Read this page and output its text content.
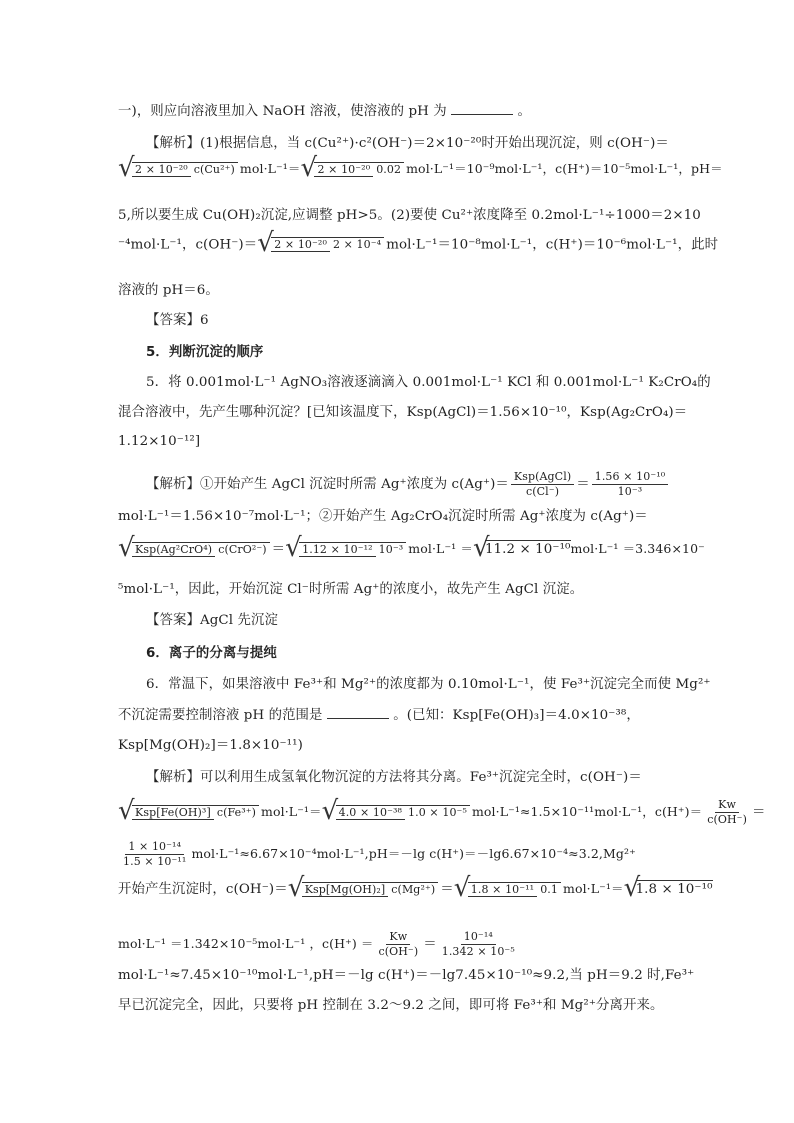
一)，则应向溶液里加入 NaOH 溶液，使溶液的 pH 为	。
【解析】(1)根据信息，当 c(Cu²⁺)·c²(OH⁻)＝2×10⁻²⁰时开始出现沉淀，则 c(OH⁻)＝
√ 2 × 10⁻²⁰ c(Cu²⁺) mol·L⁻¹＝ √ 2 × 10⁻²⁰ 0.02 mol·L⁻¹＝10⁻⁹mol·L⁻¹，c(H⁺)＝10⁻⁵mol·L⁻¹，pH＝
5,所以要生成 Cu(OH)₂沉淀,应调整 pH>5。(2)要使 Cu²⁺浓度降至 0.2mol·L⁻¹÷1000＝2×10
⁻⁴mol·L⁻¹，c(OH⁻)＝ √ 2 × 10⁻²⁰ 2 × 10⁻⁴ mol·L⁻¹＝10⁻⁸mol·L⁻¹，c(H⁺)＝10⁻⁶mol·L⁻¹，此时
溶液的 pH＝6。
【答案】6
5．判断沉淀的顺序
5．将 0.001mol·L⁻¹ AgNO₃溶液逐滴滴入 0.001mol·L⁻¹ KCl 和 0.001mol·L⁻¹ K₂CrO₄的
混合溶液中，先产生哪种沉淀？[已知该温度下，Ksp(AgCl)＝1.56×10⁻¹⁰，Ksp(Ag₂CrO₄)＝
1.12×10⁻¹²]
【解析】①开始产生 AgCl 沉淀时所需 Ag⁺浓度为 $c(Ag^+)= \frac{\text{Ksp(AgCl)}}{c(Cl^-)} = \frac{\text{1.56 × 10⁻¹⁰}}{\text{10⁻³}}$
mol·L⁻¹＝1.56×10⁻⁷mol·L⁻¹；②开始产生 Ag₂CrO₄沉淀时所需 Ag⁺浓度为 c(Ag⁺)＝
√ Ksp(Ag²CrO⁴) c(CrO²⁻) ＝ √ 1.12 × 10⁻¹² 10⁻³ mol·L⁻¹ ＝ √ 11.2 × 10⁻¹⁰mol·L⁻¹ ＝3.346×10⁻
⁵mol·L⁻¹，因此，开始沉淀 Cl⁻时所需 Ag⁺的浓度小，故先产生 AgCl 沉淀。
【答案】AgCl 先沉淀
6．离子的分离与提纯
6．常温下，如果溶液中 Fe³⁺和 Mg²⁺的浓度都为 0.10mol·L⁻¹，使 Fe³⁺沉淀完全而使 Mg²⁺
不沉淀需要控制溶液 pH 的范围是	。(已知：Ksp[Fe(OH)₃]＝4.0×10⁻³⁸，
Ksp[Mg(OH)₂]＝1.8×10⁻¹¹)
【解析】可以利用生成氢氧化物沉淀的方法将其分离。Fe³⁺沉淀完全时，c(OH⁻)＝
√ Ksp[Fe(OH)³] c(Fe³⁺) mol·L⁻¹＝ √ 4.0 × 10⁻³⁸ 1.0 × 10⁻⁵ mol·L⁻¹≈1.5×10⁻¹¹mol·L⁻¹，$c(H^+)= \frac{Kw}{c(OH^-)}$ ＝
$\frac{\text{1 × 10⁻¹⁴}}{\text{1.5 × 10⁻¹¹}} mol\cdot L^{-1}\approx 6.67\times 10^{-4}mol\cdot L^{-1},pH=-\lg$ c(H⁺)＝－lg6.67×10⁻⁴≈3.2,Mg²⁺
开始产生沉淀时，c(OH⁻)＝ √ Ksp[Mg(OH)₂] c(Mg²⁺) ＝ √ 1.8 × 10⁻¹¹ 0.1 mol·L⁻¹＝ √ 1.8 × 10⁻¹⁰
mol·L⁻¹ ＝1.342×10⁻⁵mol·L⁻¹ ，$c(H^+) = \frac{Kw}{c(OH^-)} = \frac{\text{10⁻¹⁴}}{\text{1.342 × 10⁻⁵}}$
mol·L⁻¹≈7.45×10⁻¹⁰mol·L⁻¹,pH＝－lg c(H⁺)＝－lg7.45×10⁻¹⁰≈9.2,当 pH＝9.2 时,Fe³⁺
早已沉淀完全，因此，只要将 pH 控制在 3.2～9.2 之间，即可将 Fe³⁺和 Mg²⁺分离开来。
